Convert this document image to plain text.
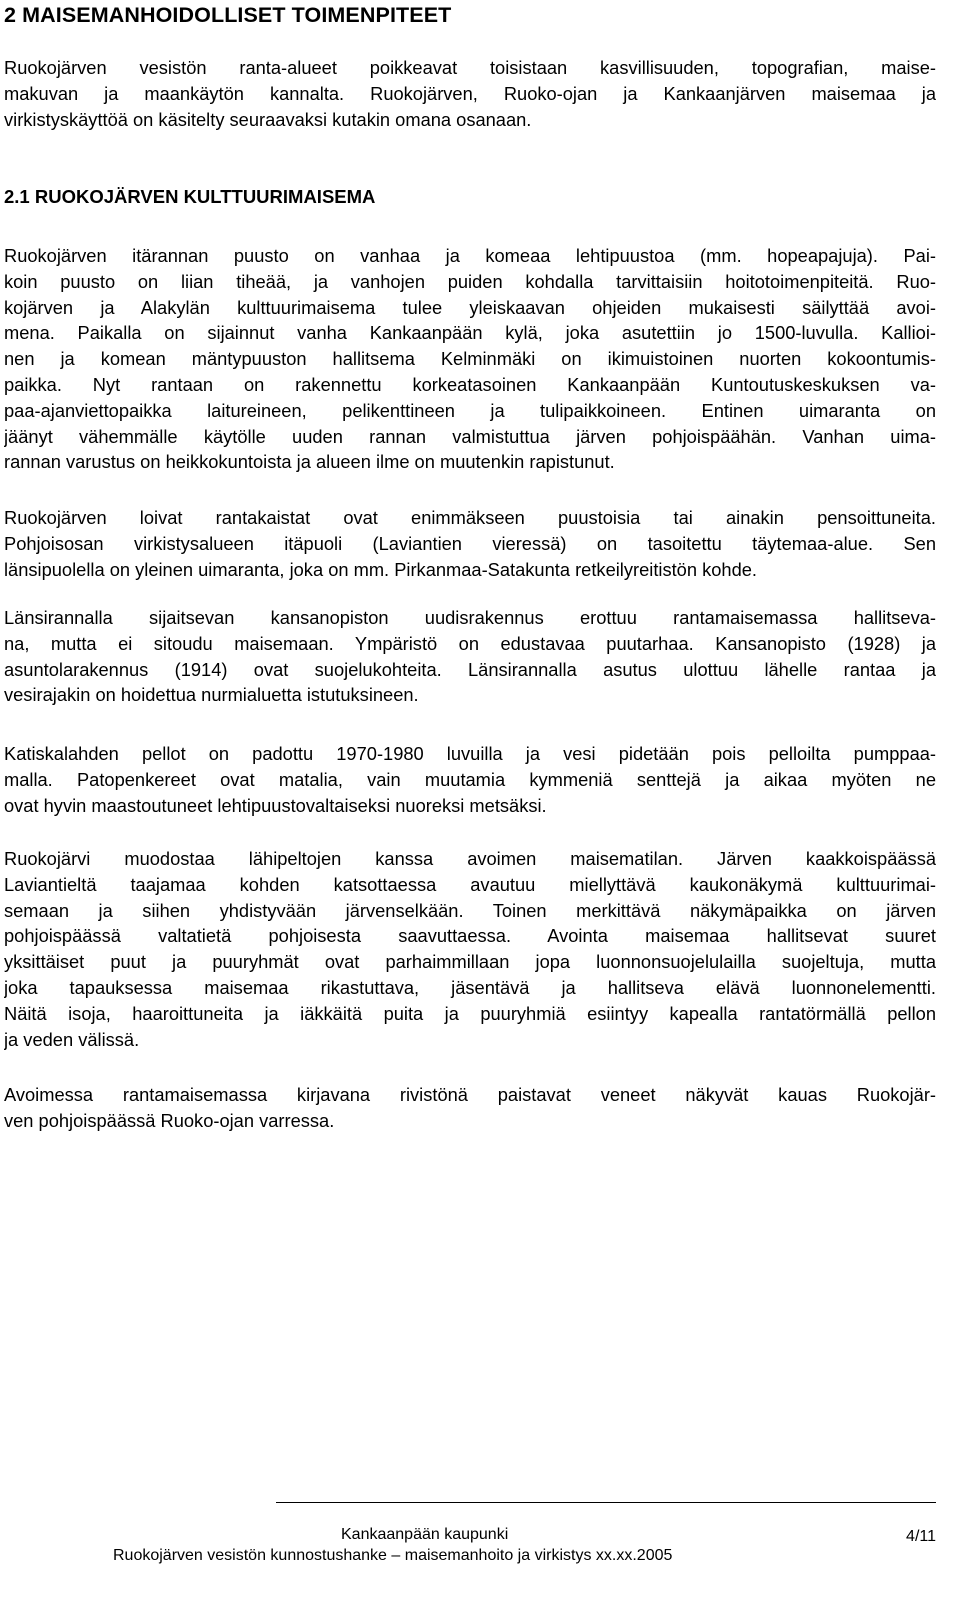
2 MAISEMANHOIDOLLISET TOIMENPITEET

Ruokojärven vesistön ranta-alueet poikkeavat toisistaan kasvillisuuden, topografian, maise-
makuvan ja maankäytön kannalta. Ruokojärven, Ruoko-ojan ja Kankaanjärven maisemaa ja
virkistyskäyttöä on käsitelty seuraavaksi kutakin omana osanaan.

2.1 RUOKOJÄRVEN KULTTUURIMAISEMA

Ruokojärven itärannan puusto on vanhaa ja komeaa lehtipuustoa (mm. hopeapajuja). Pai-
koin puusto on liian tiheää, ja vanhojen puiden kohdalla tarvittaisiin hoitotoimenpiteitä. Ruo-
kojärven ja Alakylän kulttuurimaisema tulee yleiskaavan ohjeiden mukaisesti säilyttää avoi-
mena. Paikalla on sijainnut vanha Kankaanpään kylä, joka asutettiin jo 1500-luvulla. Kallioi-
nen ja komean mäntypuuston hallitsema Kelminmäki on ikimuistoinen nuorten kokoontumis-
paikka. Nyt rantaan on rakennettu korkeatasoinen Kankaanpään Kuntoutuskeskuksen va-
paa-ajanviettopaikka laitureineen, pelikenttineen ja tulipaikkoineen. Entinen uimaranta on
jäänyt vähemmälle käytölle uuden rannan valmistuttua järven pohjoispäähän. Vanhan uima-
rannan varustus on heikkokuntoista ja alueen ilme on muutenkin rapistunut.

Ruokojärven loivat rantakaistat ovat enimmäkseen puustoisia tai ainakin pensoittuneita.
Pohjoisosan virkistysalueen itäpuoli (Laviantien vieressä) on tasoitettu täytemaa-alue. Sen
länsipuolella on yleinen uimaranta, joka on mm. Pirkanmaa-Satakunta retkeilyreitistön kohde.

Länsirannalla sijaitsevan kansanopiston uudisrakennus erottuu rantamaisemassa hallitseva-
na, mutta ei sitoudu maisemaan. Ympäristö on edustavaa puutarhaa. Kansanopisto (1928) ja
asuntolarakennus (1914) ovat suojelukohteita. Länsirannalla asutus ulottuu lähelle rantaa ja
vesirajakin on hoidettua nurmialuetta istutuksineen.

Katiskalahden pellot on padottu 1970-1980 luvuilla ja vesi pidetään pois pelloilta pumppaa-
malla. Patopenkereet ovat matalia, vain muutamia kymmeniä senttejä ja aikaa myöten ne
ovat hyvin maastoutuneet lehtipuustovaltaiseksi nuoreksi metsäksi.

Ruokojärvi muodostaa lähipeltojen kanssa avoimen maisematilan. Järven kaakkoispäässä
Laviantieltä taajamaa kohden katsottaessa avautuu miellyttävä kaukonäkymä kulttuurimai-
semaan ja siihen yhdistyvään järvenselkään. Toinen merkittävä näkymäpaikka on järven
pohjoispäässä valtatietä pohjoisesta saavuttaessa. Avointa maisemaa hallitsevat suuret
yksittäiset puut ja puuryhmät ovat parhaimmillaan jopa luonnonsuojelulailla suojeltuja, mutta
joka tapauksessa maisemaa rikastuttava, jäsentävä ja hallitseva elävä luonnonelementti.
Näitä isoja, haaroittuneita ja iäkkäitä puita ja puuryhmiä esiintyy kapealla rantatörmällä pellon
ja veden välissä.

Avoimessa rantamaisemassa kirjavana rivistönä paistavat veneet näkyvät kauas Ruokojär-
ven pohjoispäässä Ruoko-ojan varressa.

Kankaanpään kaupunki	4/11

Ruokojärven vesistön kunnostushanke – maisemanhoito ja virkistys xx.xx.2005
